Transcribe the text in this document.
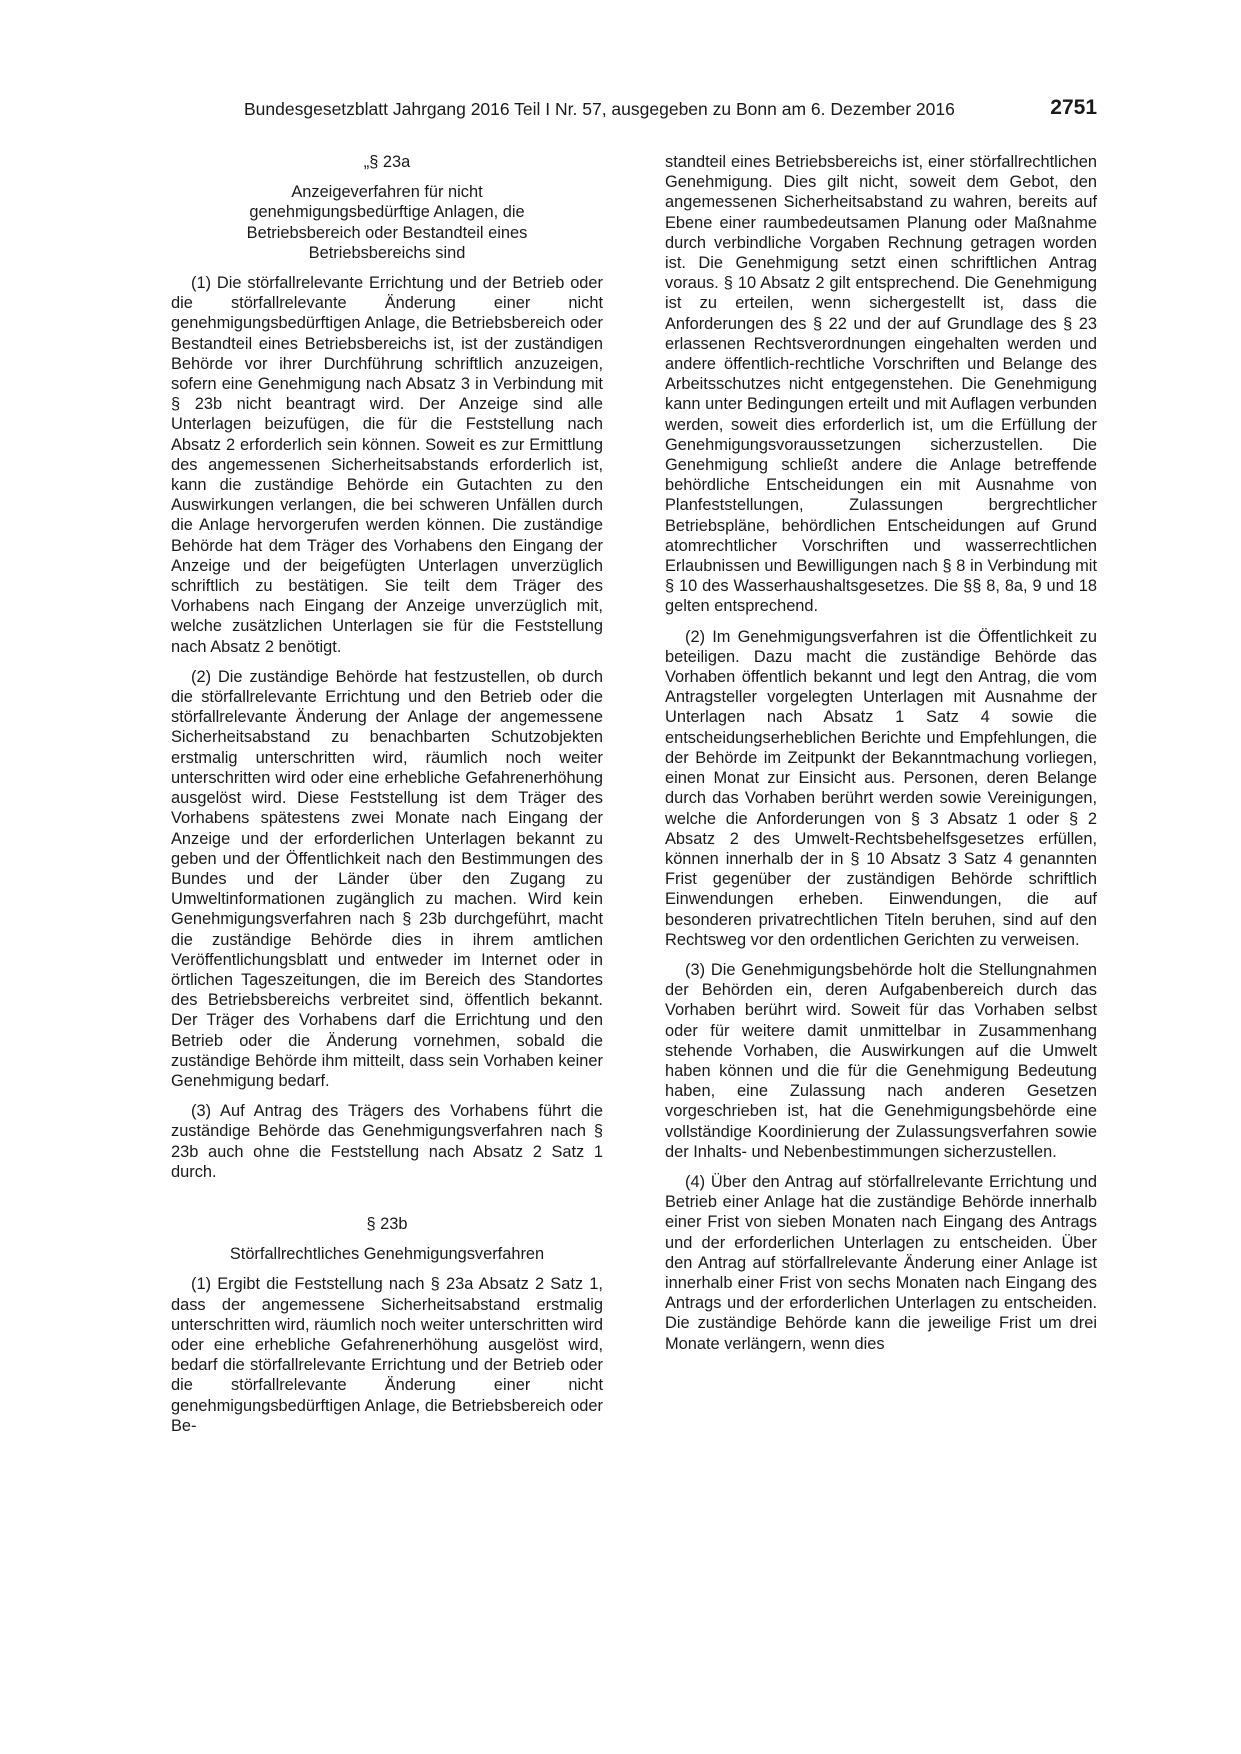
Bundesgesetzblatt Jahrgang 2016 Teil I Nr. 57, ausgegeben zu Bonn am 6. Dezember 2016	2751
„§ 23a
Anzeigeverfahren für nicht genehmigungsbedürftige Anlagen, die Betriebsbereich oder Bestandteil eines Betriebsbereichs sind

(1) Die störfallrelevante Errichtung und der Betrieb oder die störfallrelevante Änderung einer nicht genehmigungsbedürftigen Anlage, die Betriebsbereich oder Bestandteil eines Betriebsbereichs ist, ist der zuständigen Behörde vor ihrer Durchführung schriftlich anzuzeigen, sofern eine Genehmigung nach Absatz 3 in Verbindung mit § 23b nicht beantragt wird. Der Anzeige sind alle Unterlagen beizufügen, die für die Feststellung nach Absatz 2 erforderlich sein können. Soweit es zur Ermittlung des angemessenen Sicherheitsabstands erforderlich ist, kann die zuständige Behörde ein Gutachten zu den Auswirkungen verlangen, die bei schweren Unfällen durch die Anlage hervorgerufen werden können. Die zuständige Behörde hat dem Träger des Vorhabens den Eingang der Anzeige und der beigefügten Unterlagen unverzüglich schriftlich zu bestätigen. Sie teilt dem Träger des Vorhabens nach Eingang der Anzeige unverzüglich mit, welche zusätzlichen Unterlagen sie für die Feststellung nach Absatz 2 benötigt.

(2) Die zuständige Behörde hat festzustellen, ob durch die störfallrelevante Errichtung und den Betrieb oder die störfallrelevante Änderung der Anlage der angemessene Sicherheitsabstand zu benachbarten Schutzobjekten erstmalig unterschritten wird, räumlich noch weiter unterschritten wird oder eine erhebliche Gefahrenerhöhung ausgelöst wird. Diese Feststellung ist dem Träger des Vorhabens spätestens zwei Monate nach Eingang der Anzeige und der erforderlichen Unterlagen bekannt zu geben und der Öffentlichkeit nach den Bestimmungen des Bundes und der Länder über den Zugang zu Umweltinformationen zugänglich zu machen. Wird kein Genehmigungsverfahren nach § 23b durchgeführt, macht die zuständige Behörde dies in ihrem amtlichen Veröffentlichungsblatt und entweder im Internet oder in örtlichen Tageszeitungen, die im Bereich des Standortes des Betriebsbereichs verbreitet sind, öffentlich bekannt. Der Träger des Vorhabens darf die Errichtung und den Betrieb oder die Änderung vornehmen, sobald die zuständige Behörde ihm mitteilt, dass sein Vorhaben keiner Genehmigung bedarf.

(3) Auf Antrag des Trägers des Vorhabens führt die zuständige Behörde das Genehmigungsverfahren nach § 23b auch ohne die Feststellung nach Absatz 2 Satz 1 durch.

§ 23b
Störfallrechtliches Genehmigungsverfahren

(1) Ergibt die Feststellung nach § 23a Absatz 2 Satz 1, dass der angemessene Sicherheitsabstand erstmalig unterschritten wird, räumlich noch weiter unterschritten wird oder eine erhebliche Gefahrenerhöhung ausgelöst wird, bedarf die störfallrelevante Errichtung und der Betrieb oder die störfallrelevante Änderung einer nicht genehmigungsbedürftigen Anlage, die Betriebsbereich oder Be-

standteil eines Betriebsbereichs ist, einer störfallrechtlichen Genehmigung. Dies gilt nicht, soweit dem Gebot, den angemessenen Sicherheitsabstand zu wahren, bereits auf Ebene einer raumbedeutsamen Planung oder Maßnahme durch verbindliche Vorgaben Rechnung getragen worden ist. Die Genehmigung setzt einen schriftlichen Antrag voraus. § 10 Absatz 2 gilt entsprechend. Die Genehmigung ist zu erteilen, wenn sichergestellt ist, dass die Anforderungen des § 22 und der auf Grundlage des § 23 erlassenen Rechtsverordnungen eingehalten werden und andere öffentlich-rechtliche Vorschriften und Belange des Arbeitsschutzes nicht entgegenstehen. Die Genehmigung kann unter Bedingungen erteilt und mit Auflagen verbunden werden, soweit dies erforderlich ist, um die Erfüllung der Genehmigungsvoraussetzungen sicherzustellen. Die Genehmigung schließt andere die Anlage betreffende behördliche Entscheidungen ein mit Ausnahme von Planfeststellungen, Zulassungen bergrechtlicher Betriebspläne, behördlichen Entscheidungen auf Grund atomrechtlicher Vorschriften und wasserrechtlichen Erlaubnissen und Bewilligungen nach § 8 in Verbindung mit § 10 des Wasserhaushaltsgesetzes. Die §§ 8, 8a, 9 und 18 gelten entsprechend.

(2) Im Genehmigungsverfahren ist die Öffentlichkeit zu beteiligen. Dazu macht die zuständige Behörde das Vorhaben öffentlich bekannt und legt den Antrag, die vom Antragsteller vorgelegten Unterlagen mit Ausnahme der Unterlagen nach Absatz 1 Satz 4 sowie die entscheidungserheblichen Berichte und Empfehlungen, die der Behörde im Zeitpunkt der Bekanntmachung vorliegen, einen Monat zur Einsicht aus. Personen, deren Belange durch das Vorhaben berührt werden sowie Vereinigungen, welche die Anforderungen von § 3 Absatz 1 oder § 2 Absatz 2 des Umwelt-Rechtsbehelfsgesetzes erfüllen, können innerhalb der in § 10 Absatz 3 Satz 4 genannten Frist gegenüber der zuständigen Behörde schriftlich Einwendungen erheben. Einwendungen, die auf besonderen privatrechtlichen Titeln beruhen, sind auf den Rechtsweg vor den ordentlichen Gerichten zu verweisen.

(3) Die Genehmigungsbehörde holt die Stellungnahmen der Behörden ein, deren Aufgabenbereich durch das Vorhaben berührt wird. Soweit für das Vorhaben selbst oder für weitere damit unmittelbar in Zusammenhang stehende Vorhaben, die Auswirkungen auf die Umwelt haben können und die für die Genehmigung Bedeutung haben, eine Zulassung nach anderen Gesetzen vorgeschrieben ist, hat die Genehmigungsbehörde eine vollständige Koordinierung der Zulassungsverfahren sowie der Inhalts- und Nebenbestimmungen sicherzustellen.

(4) Über den Antrag auf störfallrelevante Errichtung und Betrieb einer Anlage hat die zuständige Behörde innerhalb einer Frist von sieben Monaten nach Eingang des Antrags und der erforderlichen Unterlagen zu entscheiden. Über den Antrag auf störfallrelevante Änderung einer Anlage ist innerhalb einer Frist von sechs Monaten nach Eingang des Antrags und der erforderlichen Unterlagen zu entscheiden. Die zuständige Behörde kann die jeweilige Frist um drei Monate verlängern, wenn dies
